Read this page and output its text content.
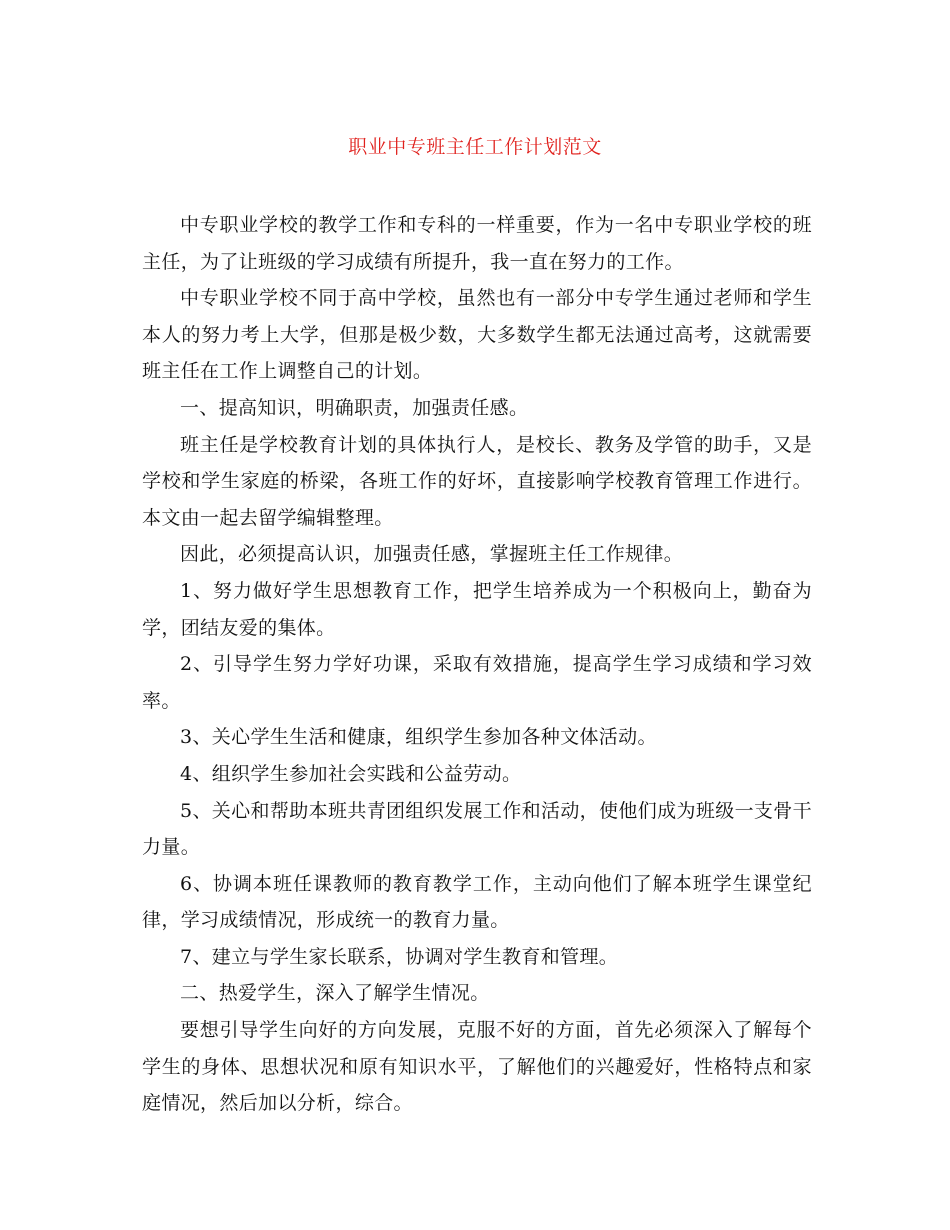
职业中专班主任工作计划范文

中专职业学校的教学工作和专科的一样重要，作为一名中专职业学校的班主任，为了让班级的学习成绩有所提升，我一直在努力的工作。

中专职业学校不同于高中学校，虽然也有一部分中专学生通过老师和学生本人的努力考上大学，但那是极少数，大多数学生都无法通过高考，这就需要班主任在工作上调整自己的计划。

一、提高知识，明确职责，加强责任感。

班主任是学校教育计划的具体执行人，是校长、教务及学管的助手，又是学校和学生家庭的桥梁，各班工作的好坏，直接影响学校教育管理工作进行。本文由一起去留学编辑整理。

因此，必须提高认识，加强责任感，掌握班主任工作规律。

1、努力做好学生思想教育工作，把学生培养成为一个积极向上，勤奋为学，团结友爱的集体。

2、引导学生努力学好功课，采取有效措施，提高学生学习成绩和学习效率。

3、关心学生生活和健康，组织学生参加各种文体活动。

4、组织学生参加社会实践和公益劳动。

5、关心和帮助本班共青团组织发展工作和活动，使他们成为班级一支骨干力量。

6、协调本班任课教师的教育教学工作，主动向他们了解本班学生课堂纪律，学习成绩情况，形成统一的教育力量。

7、建立与学生家长联系，协调对学生教育和管理。

二、热爱学生，深入了解学生情况。

要想引导学生向好的方向发展，克服不好的方面，首先必须深入了解每个学生的身体、思想状况和原有知识水平，了解他们的兴趣爱好，性格特点和家庭情况，然后加以分析，综合。
